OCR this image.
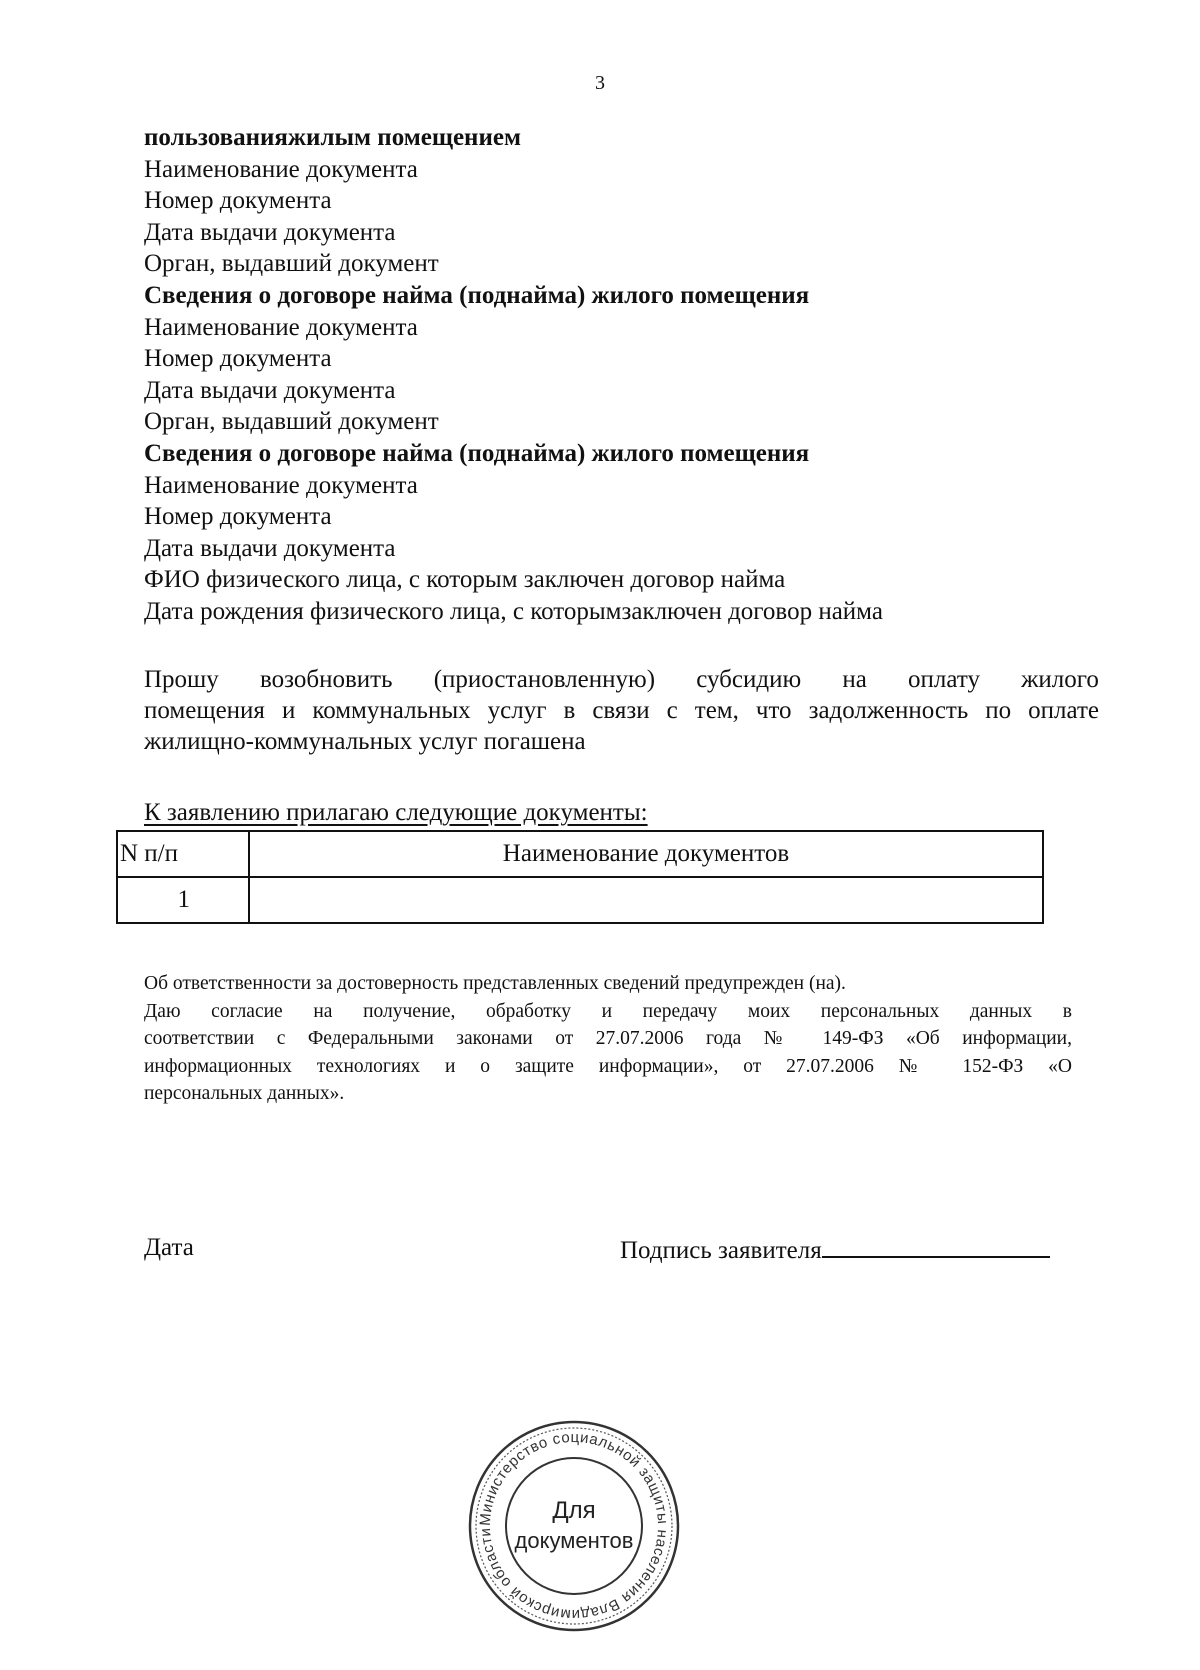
3
пользованияжилым помещением
Наименование документа
Номер документа
Дата выдачи документа
Орган, выдавший документ
Сведения о договоре найма (поднайма) жилого помещения
Наименование документа
Номер документа
Дата выдачи документа
Орган, выдавший документ
Сведения о договоре найма (поднайма) жилого помещения
Наименование документа
Номер документа
Дата выдачи документа
ФИО физического лица, с которым заключен договор найма
Дата рождения физического лица, с которымзаключен договор найма
Прошу возобновить (приостановленную) субсидию на оплату жилого
помещения и коммунальных услуг в связи с тем, что задолженность по оплате
жилищно-коммунальных услуг погашена
К заявлению прилагаю следующие документы:
N п/п	Наименование документов
1	
Об ответственности за достоверность представленных сведений предупрежден (на).
Даю согласие на получение, обработку и передачу моих персональных данных в
соответствии с Федеральными законами от 27.07.2006 года № 149-ФЗ «Об информации,
информационных технологиях и о защите информации», от 27.07.2006 № 152-ФЗ «О
персональных данных».
Дата	Подпись заявителя
Министерство социальной защиты населения Владимирской области
Для
документов
